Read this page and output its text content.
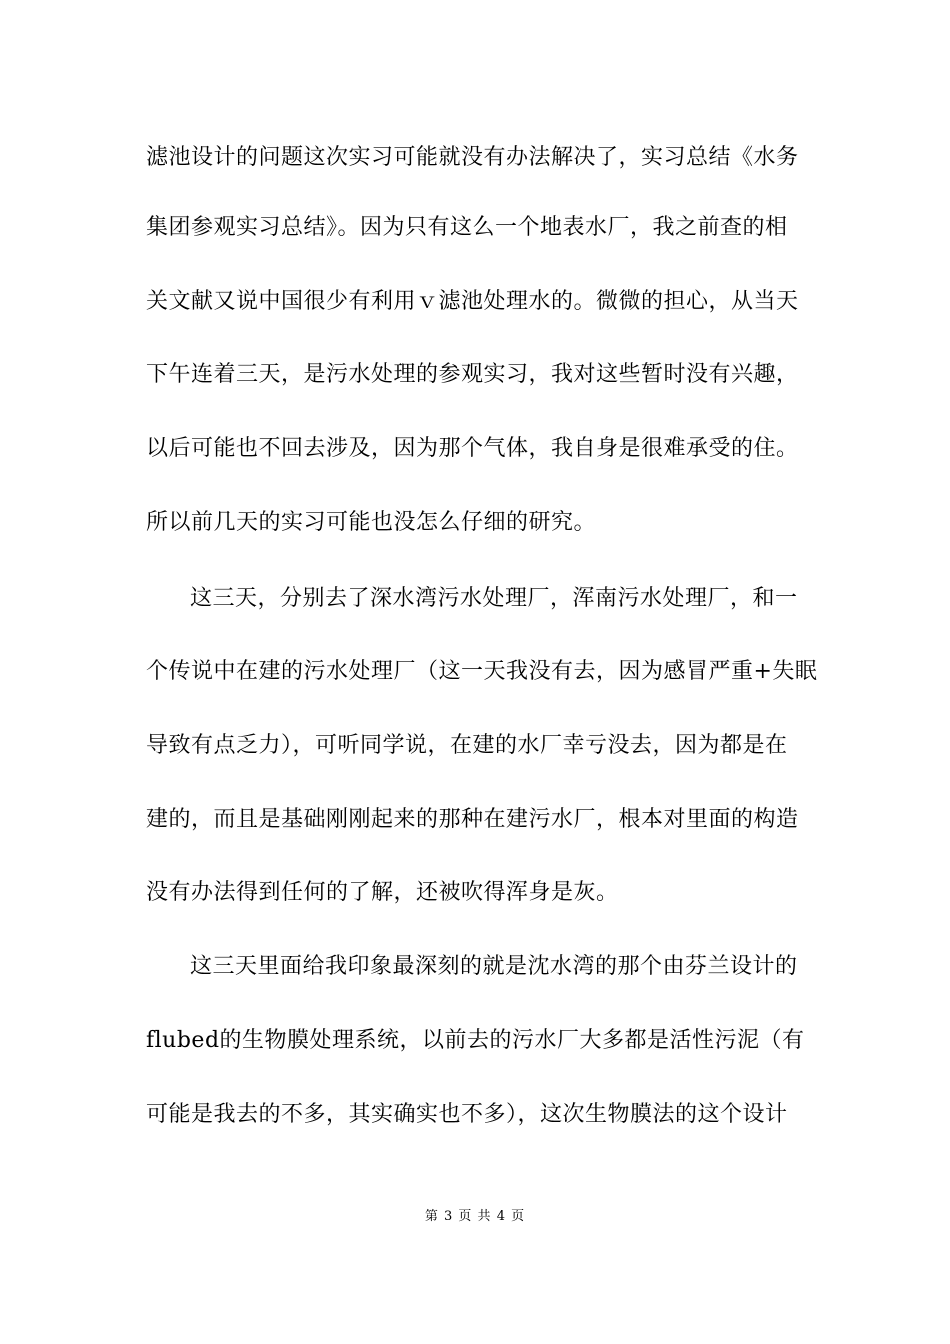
滤池设计的问题这次实习可能就没有办法解决了，实习总结《水务
集团参观实习总结》。因为只有这么一个地表水厂，我之前查的相
关文献又说中国很少有利用ｖ滤池处理水的。微微的担心，从当天
下午连着三天，是污水处理的参观实习，我对这些暂时没有兴趣，
以后可能也不回去涉及，因为那个气体，我自身是很难承受的住。
所以前几天的实习可能也没怎么仔细的研究。
这三天，分别去了深水湾污水处理厂，浑南污水处理厂，和一
个传说中在建的污水处理厂（这一天我没有去，因为感冒严重+失眠
导致有点乏力），可听同学说，在建的水厂幸亏没去，因为都是在
建的，而且是基础刚刚起来的那种在建污水厂，根本对里面的构造
没有办法得到任何的了解，还被吹得浑身是灰。
这三天里面给我印象最深刻的就是沈水湾的那个由芬兰设计的
flubed的生物膜处理系统，以前去的污水厂大多都是活性污泥（有
可能是我去的不多，其实确实也不多），这次生物膜法的这个设计
第 3 页 共 4 页
